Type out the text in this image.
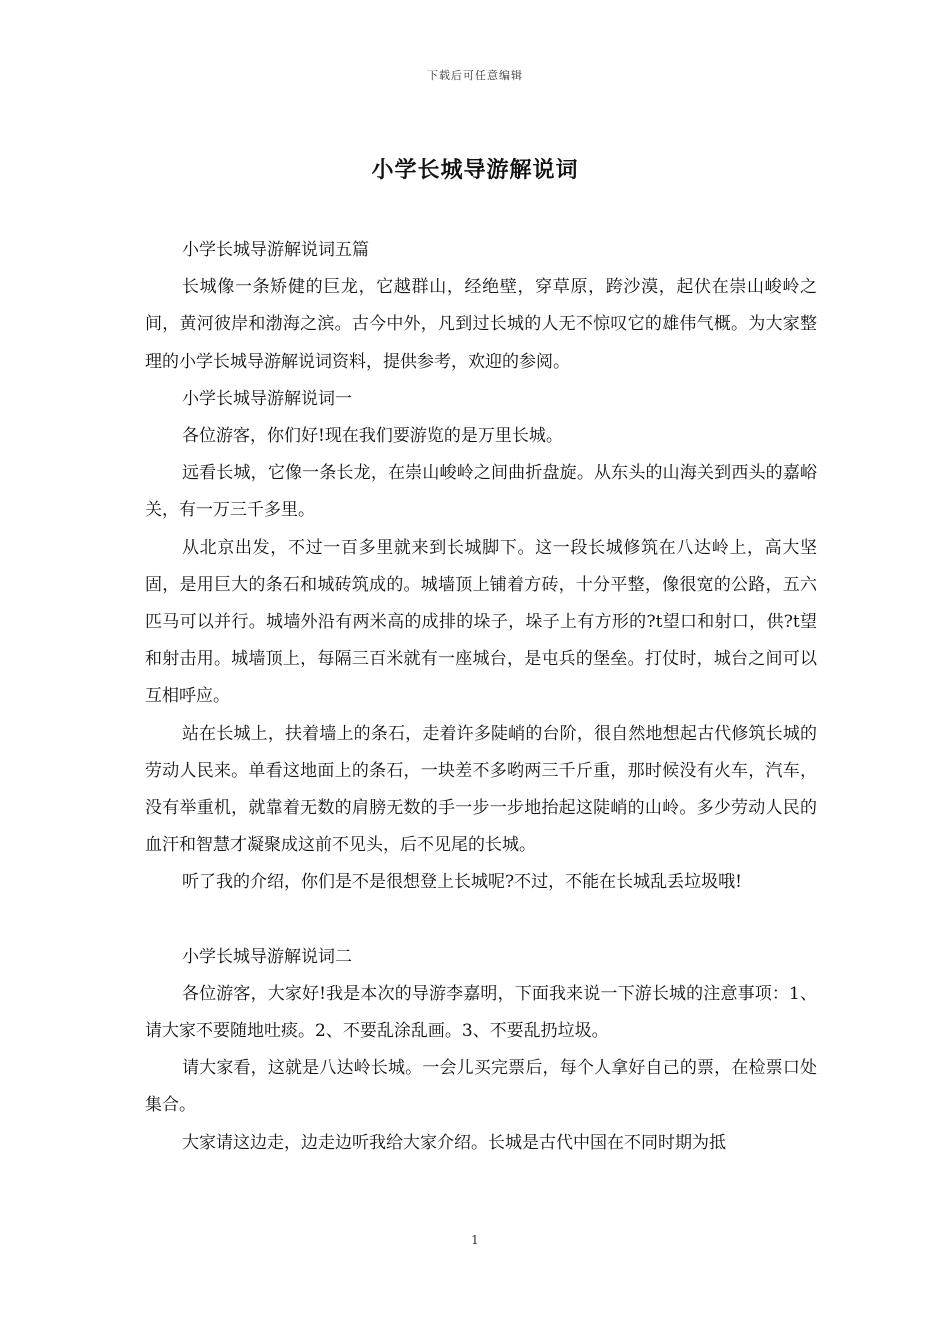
下载后可任意编辑
小学长城导游解说词

小学长城导游解说词五篇

长城像一条矫健的巨龙，它越群山，经绝壁，穿草原，跨沙漠，起伏在崇山峻岭之间，黄河彼岸和渤海之滨。古今中外，凡到过长城的人无不惊叹它的雄伟气概。为大家整理的小学长城导游解说词资料，提供参考，欢迎的参阅。

小学长城导游解说词一

各位游客，你们好!现在我们要游览的是万里长城。

远看长城，它像一条长龙，在崇山峻岭之间曲折盘旋。从东头的山海关到西头的嘉峪关，有一万三千多里。

从北京出发，不过一百多里就来到长城脚下。这一段长城修筑在八达岭上，高大坚固，是用巨大的条石和城砖筑成的。城墙顶上铺着方砖，十分平整，像很宽的公路，五六匹马可以并行。城墙外沿有两米高的成排的垛子，垛子上有方形的?t望口和射口，供?t望和射击用。城墙顶上，每隔三百米就有一座城台，是屯兵的堡垒。打仗时，城台之间可以互相呼应。

站在长城上，扶着墙上的条石，走着许多陡峭的台阶，很自然地想起古代修筑长城的劳动人民来。单看这地面上的条石，一块差不多哟两三千斤重，那时候没有火车，汽车，没有举重机，就靠着无数的肩膀无数的手一步一步地抬起这陡峭的山岭。多少劳动人民的血汗和智慧才凝聚成这前不见头，后不见尾的长城。

听了我的介绍，你们是不是很想登上长城呢?不过，不能在长城乱丢垃圾哦!

小学长城导游解说词二

各位游客，大家好!我是本次的导游李嘉明，下面我来说一下游长城的注意事项：1、请大家不要随地吐痰。2、不要乱涂乱画。3、不要乱扔垃圾。

请大家看，这就是八达岭长城。一会儿买完票后，每个人拿好自己的票，在检票口处集合。

大家请这边走，边走边听我给大家介绍。长城是古代中国在不同时期为抵

1
